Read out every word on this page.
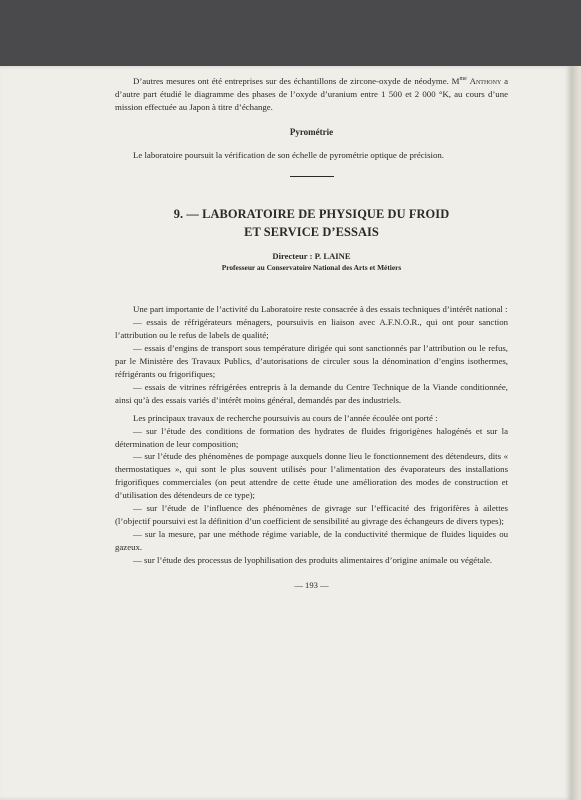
D’autres mesures ont été entreprises sur des échantillons de zircone-oxyde de néodyme. $M^{me}$ Anthony a d’autre part étudié le diagramme des phases de l’oxyde d’uranium entre 1 500 et 2 000 °K, au cours d’une mission effectuée au Japon à titre d’échange.

Pyrométrie

Le laboratoire poursuit la vérification de son échelle de pyrométrie optique de précision.

9. — LABORATOIRE DE PHYSIQUE DU FROID
ET SERVICE D’ESSAIS
Directeur : P. LAINE
Professeur au Conservatoire National des Arts et Métiers

Une part importante de l’activité du Laboratoire reste consacrée à des essais techniques d’intérêt national :

— essais de réfrigérateurs ménagers, poursuivis en liaison avec A.F.N.O.R., qui ont pour sanction l’attribution ou le refus de labels de qualité;

— essais d’engins de transport sous température dirigée qui sont sanctionnés par l’attribution ou le refus, par le Ministère des Travaux Publics, d’autorisations de circuler sous la dénomination d’engins isothermes, réfrigérants ou frigorifiques;

— essais de vitrines réfrigérées entrepris à la demande du Centre Technique de la Viande conditionnée, ainsi qu’à des essais variés d’intérêt moins général, demandés par des industriels.

Les principaux travaux de recherche poursuivis au cours de l’année écoulée ont porté :

— sur l’étude des conditions de formation des hydrates de fluides frigorigènes halogénés et sur la détermination de leur composition;

— sur l’étude des phénomènes de pompage auxquels donne lieu le fonctionnement des détendeurs, dits « thermostatiques », qui sont le plus souvent utilisés pour l’alimentation des évaporateurs des installations frigorifiques commerciales (on peut attendre de cette étude une amélioration des modes de construction et d’utilisation des détendeurs de ce type);

— sur l’étude de l’influence des phénomènes de givrage sur l’efficacité des frigorifères à ailettes (l’objectif poursuivi est la définition d’un coefficient de sensibilité au givrage des échangeurs de divers types);

— sur la mesure, par une méthode régime variable, de la conductivité thermique de fluides liquides ou gazeux.

— sur l’étude des processus de lyophilisation des produits alimentaires d’origine animale ou végétale.

— 193 —
